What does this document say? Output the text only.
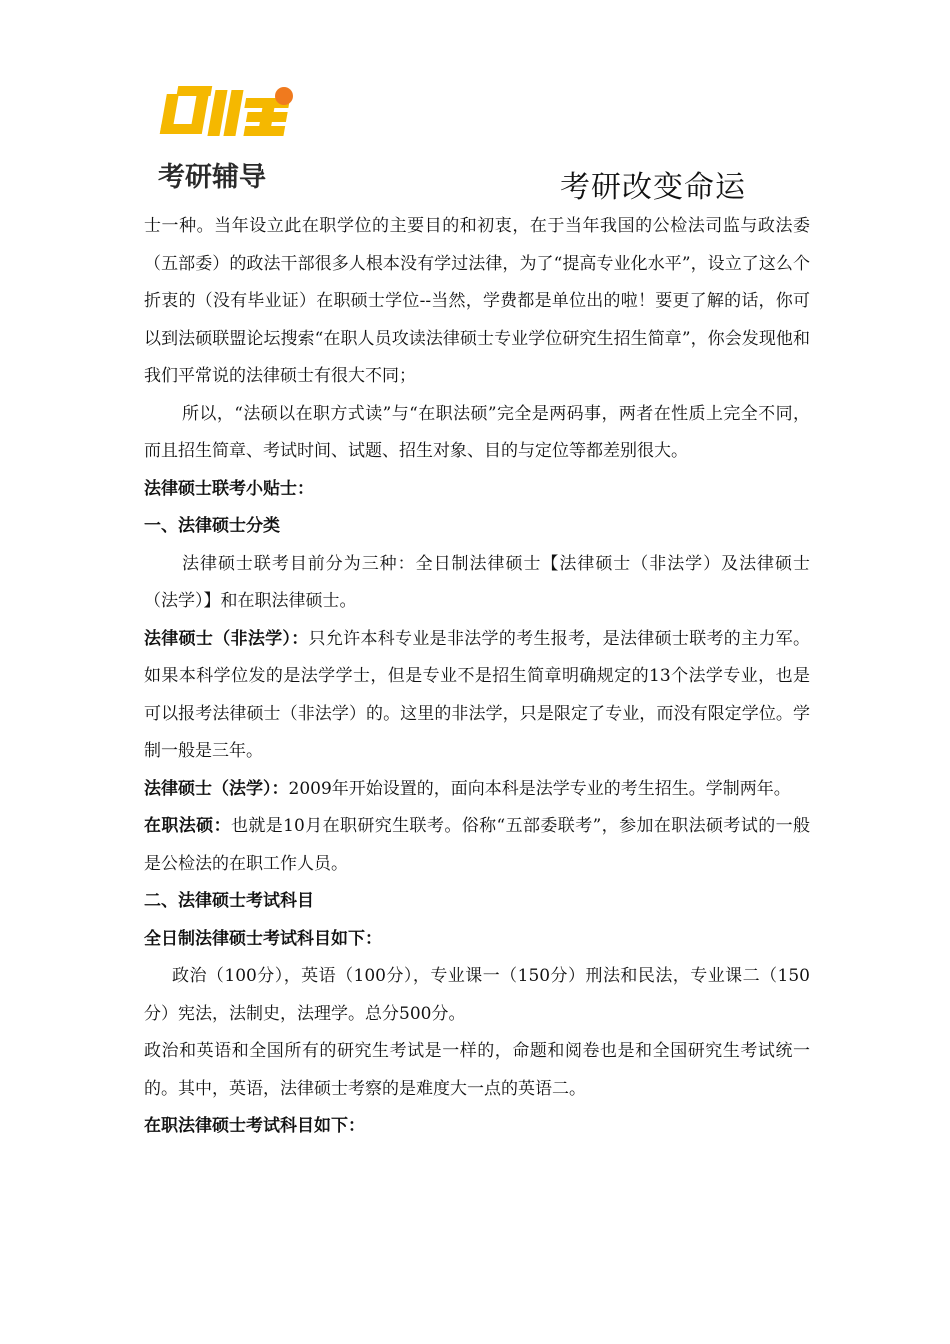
考研辅导	考研改变命运

士一种。当年设立此在职学位的主要目的和初衷，在于当年我国的公检法司监与政法委（五部委）的政法干部很多人根本没有学过法律，为了“提高专业化水平”，设立了这么个折衷的（没有毕业证）在职硕士学位--当然，学费都是单位出的啦！要更了解的话，你可以到法硕联盟论坛搜索“在职人员攻读法律硕士专业学位研究生招生简章”，你会发现他和我们平常说的法律硕士有很大不同；

所以，“法硕以在职方式读”与“在职法硕”完全是两码事，两者在性质上完全不同，而且招生简章、考试时间、试题、招生对象、目的与定位等都差别很大。

法律硕士联考小贴士：

一、法律硕士分类

法律硕士联考目前分为三种：全日制法律硕士【法律硕士（非法学）及法律硕士（法学）】和在职法律硕士。

法律硕士（非法学）：只允许本科专业是非法学的考生报考，是法律硕士联考的主力军。如果本科学位发的是法学学士，但是专业不是招生简章明确规定的13个法学专业，也是可以报考法律硕士（非法学）的。这里的非法学，只是限定了专业，而没有限定学位。学制一般是三年。

法律硕士（法学）：2009年开始设置的，面向本科是法学专业的考生招生。学制两年。

在职法硕：也就是10月在职研究生联考。俗称“五部委联考”，参加在职法硕考试的一般是公检法的在职工作人员。

二、法律硕士考试科目

全日制法律硕士考试科目如下：

政治（100分），英语（100分），专业课一（150分）刑法和民法，专业课二（150分）宪法，法制史，法理学。总分500分。

政治和英语和全国所有的研究生考试是一样的，命题和阅卷也是和全国研究生考试统一的。其中，英语，法律硕士考察的是难度大一点的英语二。

在职法律硕士考试科目如下：
